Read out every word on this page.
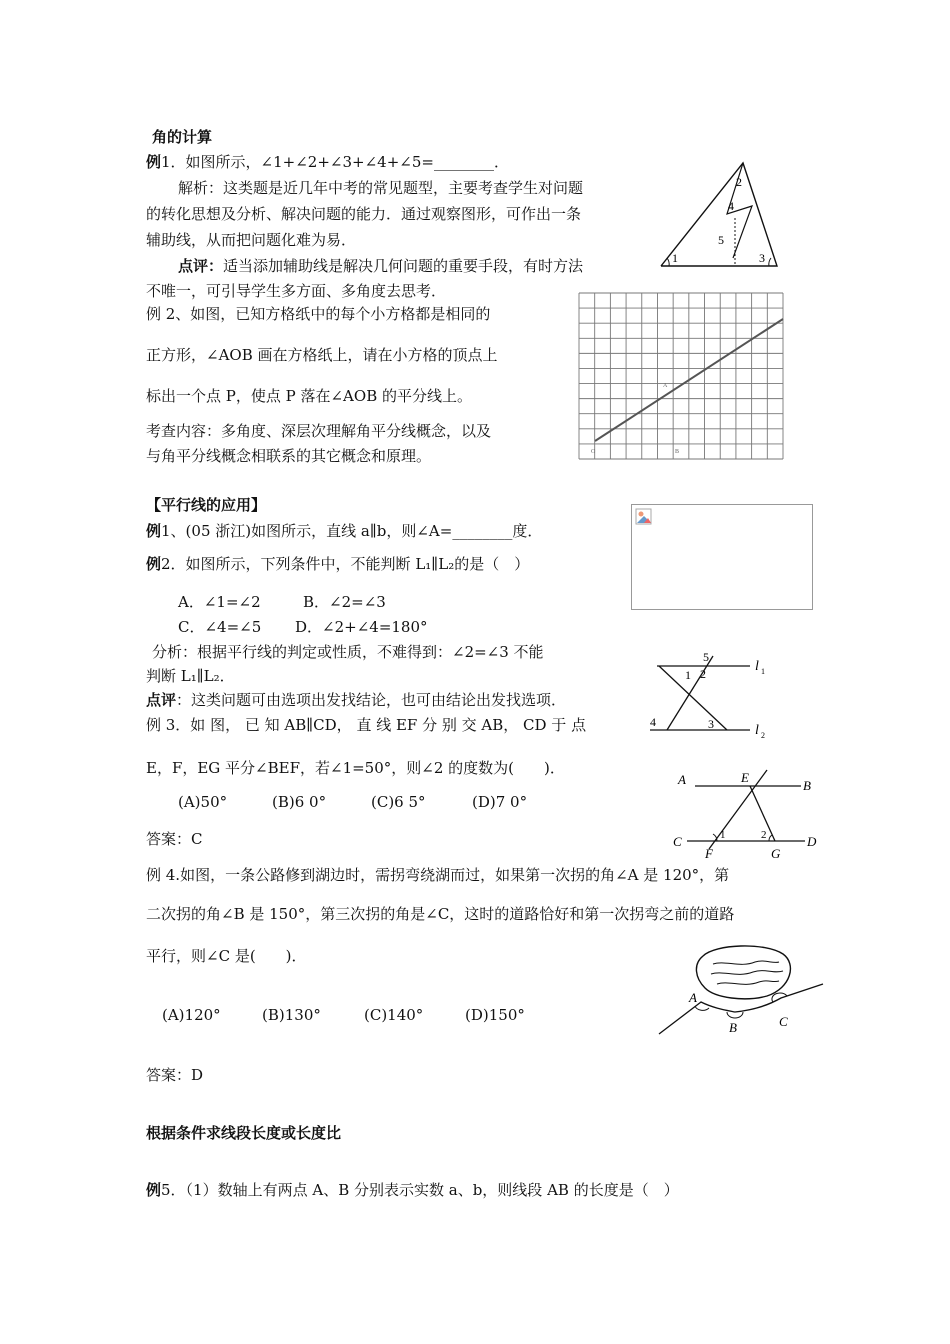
角的计算
例1．如图所示，∠1+∠2+∠3+∠4+∠5=________．
解析：这类题是近几年中考的常见题型，主要考查学生对问题
的转化思想及分析、解决问题的能力．通过观察图形，可作出一条
辅助线，从而把问题化难为易．
点评：适当添加辅助线是解决几何问题的重要手段，有时方法
不唯一，可引导学生多方面、多角度去思考．
例 2、如图，已知方格纸中的每个小方格都是相同的
正方形，∠AOB 画在方格纸上，请在小方格的顶点上
标出一个点 P，使点 P 落在∠AOB 的平分线上。
考查内容：多角度、深层次理解角平分线概念，以及
与角平分线概念相联系的其它概念和原理。
1
2
3
4
5
A
O	B
【平行线的应用】
例1、(05 浙江)如图所示，直线 a∥b，则∠A=________度．
例2．如图所示，下列条件中，不能判断 L₁∥L₂的是（　）
A．∠1=∠2	B．∠2=∠3
C．∠4=∠5 D．∠2+∠4=180°
分析：根据平行线的判定或性质，不难得到：∠2=∠3 不能
判断 L₁∥L₂．
点评：这类问题可由选项出发找结论，也可由结论出发找选项．
例 3．如 图， 已 知 AB∥CD， 直 线 EF 分 别 交 AB， CD 于 点
5
1 2
4	3
l 1
l 2
E，F，EG 平分∠BEF，若∠1=50°，则∠2 的度数为(　　)．
(A)50°	(B)6 0°	(C)6 5°	(D)7 0°
答案：C
A	E
B
C	D
F	G
1	2
例 4.如图，一条公路修到湖边时，需拐弯绕湖而过，如果第一次拐的角∠A 是 120°，第
二次拐的角∠B 是 150°，第三次拐的角是∠C，这时的道路恰好和第一次拐弯之前的道路
平行，则∠C 是(　　)．
(A)120°	(B)130°	(C)140°	(D)150°
A
B	C
答案：D
根据条件求线段长度或长度比
例5．（1）数轴上有两点 A、B 分别表示实数 a、b，则线段 AB 的长度是（　）
